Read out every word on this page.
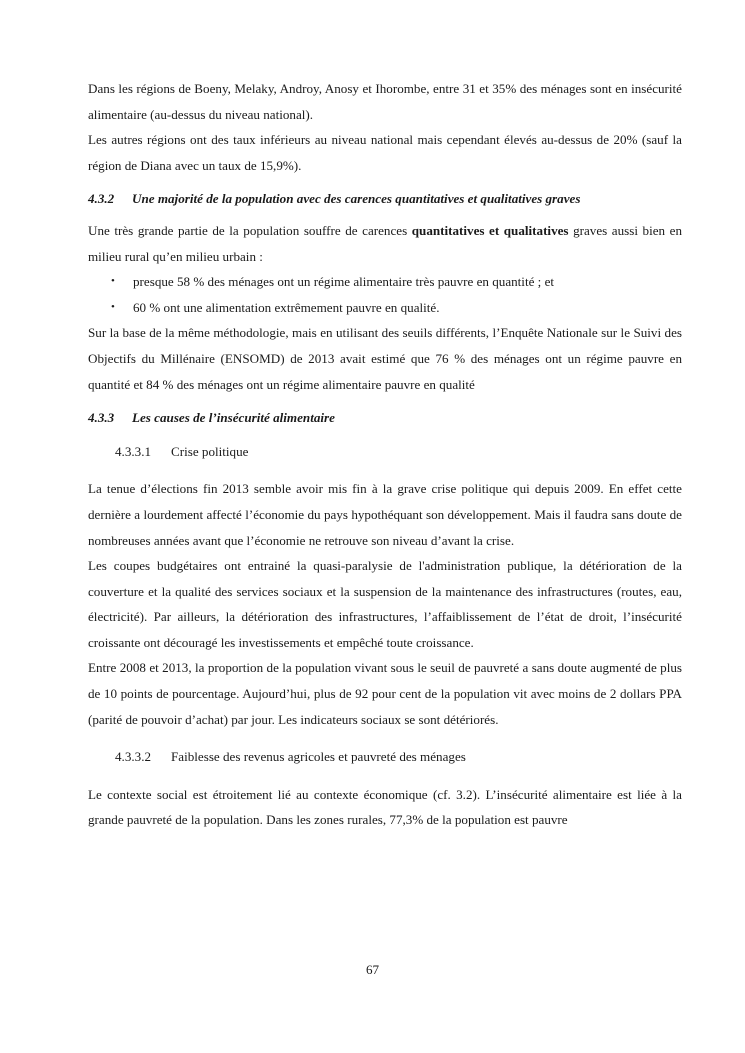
Dans les régions de Boeny, Melaky, Androy, Anosy et Ihorombe, entre 31 et 35% des ménages sont en insécurité alimentaire (au-dessus du niveau national).

Les autres régions ont des taux inférieurs au niveau national mais cependant élevés au-dessus de 20% (sauf la région de Diana avec un taux de 15,9%).

4.3.2 Une majorité de la population avec des carences quantitatives et qualitatives graves

Une très grande partie de la population souffre de carences quantitatives et qualitatives graves aussi bien en milieu rural qu’en milieu urbain :

• presque 58 % des ménages ont un régime alimentaire très pauvre en quantité ; et
• 60 % ont une alimentation extrêmement pauvre en qualité.

Sur la base de la même méthodologie, mais en utilisant des seuils différents, l’Enquête Nationale sur le Suivi des Objectifs du Millénaire (ENSOMD) de 2013 avait estimé que 76 % des ménages ont un régime pauvre en quantité et 84 % des ménages ont un régime alimentaire pauvre en qualité

4.3.3 Les causes de l’insécurité alimentaire
4.3.3.1 Crise politique

La tenue d’élections fin 2013 semble avoir mis fin à la grave crise politique qui depuis 2009. En effet cette dernière a lourdement affecté l’économie du pays hypothéquant son développement. Mais il faudra sans doute de nombreuses années avant que l’économie ne retrouve son niveau d’avant la crise.

Les coupes budgétaires ont entrainé la quasi-paralysie de l'administration publique, la détérioration de la couverture et la qualité des services sociaux et la suspension de la maintenance des infrastructures (routes, eau, électricité). Par ailleurs, la détérioration des infrastructures, l’affaiblissement de l’état de droit, l’insécurité croissante ont découragé les investissements et empêché toute croissance.

Entre 2008 et 2013, la proportion de la population vivant sous le seuil de pauvreté a sans doute augmenté de plus de 10 points de pourcentage. Aujourd’hui, plus de 92 pour cent de la population vit avec moins de 2 dollars PPA (parité de pouvoir d’achat) par jour. Les indicateurs sociaux se sont détériorés.

4.3.3.2 Faiblesse des revenus agricoles et pauvreté des ménages

Le contexte social est étroitement lié au contexte économique (cf. 3.2). L’insécurité alimentaire est liée à la grande pauvreté de la population. Dans les zones rurales, 77,3% de la population est pauvre

67
